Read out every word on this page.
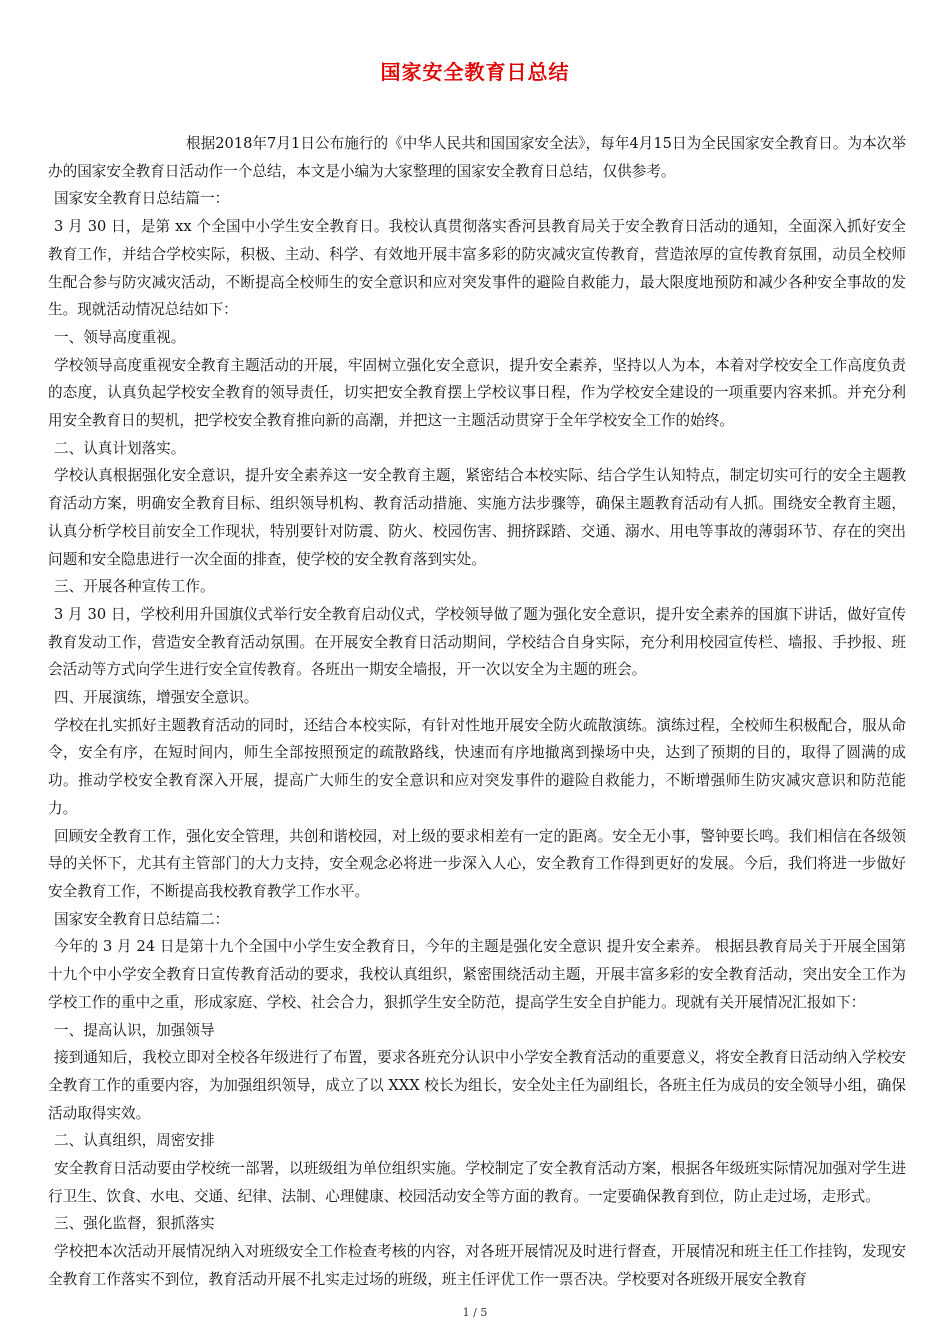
国家安全教育日总结

根据2018年7月1日公布施行的《中华人民共和国国家安全法》，每年4月15日为全民国家安全教育日。为本次举办的国家安全教育日活动作一个总结，本文是小编为大家整理的国家安全教育日总结，仅供参考。

国家安全教育日总结篇一：

3 月 30 日，是第 xx 个全国中小学生安全教育日。我校认真贯彻落实香河县教育局关于安全教育日活动的通知，全面深入抓好安全教育工作，并结合学校实际，积极、主动、科学、有效地开展丰富多彩的防灾减灾宣传教育，营造浓厚的宣传教育氛围，动员全校师生配合参与防灾减灾活动，不断提高全校师生的安全意识和应对突发事件的避险自救能力，最大限度地预防和减少各种安全事故的发生。现就活动情况总结如下：

一、领导高度重视。

学校领导高度重视安全教育主题活动的开展，牢固树立强化安全意识，提升安全素养，坚持以人为本，本着对学校安全工作高度负责的态度，认真负起学校安全教育的领导责任，切实把安全教育摆上学校议事日程，作为学校安全建设的一项重要内容来抓。并充分利用安全教育日的契机，把学校安全教育推向新的高潮，并把这一主题活动贯穿于全年学校安全工作的始终。

二、认真计划落实。

学校认真根据强化安全意识，提升安全素养这一安全教育主题，紧密结合本校实际、结合学生认知特点，制定切实可行的安全主题教育活动方案，明确安全教育目标、组织领导机构、教育活动措施、实施方法步骤等，确保主题教育活动有人抓。围绕安全教育主题，认真分析学校目前安全工作现状，特别要针对防震、防火、校园伤害、拥挤踩踏、交通、溺水、用电等事故的薄弱环节、存在的突出问题和安全隐患进行一次全面的排查，使学校的安全教育落到实处。

三、开展各种宣传工作。

3 月 30 日，学校利用升国旗仪式举行安全教育启动仪式，学校领导做了题为强化安全意识，提升安全素养的国旗下讲话，做好宣传教育发动工作，营造安全教育活动氛围。在开展安全教育日活动期间，学校结合自身实际，充分利用校园宣传栏、墙报、手抄报、班会活动等方式向学生进行安全宣传教育。各班出一期安全墙报，开一次以安全为主题的班会。

四、开展演练，增强安全意识。

学校在扎实抓好主题教育活动的同时，还结合本校实际，有针对性地开展安全防火疏散演练。演练过程，全校师生积极配合，服从命令，安全有序，在短时间内，师生全部按照预定的疏散路线，快速而有序地撤离到操场中央，达到了预期的目的，取得了圆满的成功。推动学校安全教育深入开展，提高广大师生的安全意识和应对突发事件的避险自救能力，不断增强师生防灾减灾意识和防范能力。

回顾安全教育工作，强化安全管理，共创和谐校园，对上级的要求相差有一定的距离。安全无小事，警钟要长鸣。我们相信在各级领导的关怀下，尤其有主管部门的大力支持，安全观念必将进一步深入人心，安全教育工作得到更好的发展。今后，我们将进一步做好安全教育工作，不断提高我校教育教学工作水平。

国家安全教育日总结篇二：

今年的 3 月 24 日是第十九个全国中小学生安全教育日，今年的主题是强化安全意识 提升安全素养。 根据县教育局关于开展全国第十九个中小学安全教育日宣传教育活动的要求，我校认真组织，紧密围绕活动主题，开展丰富多彩的安全教育活动，突出安全工作为学校工作的重中之重，形成家庭、学校、社会合力，狠抓学生安全防范，提高学生安全自护能力。现就有关开展情况汇报如下：

一、提高认识，加强领导

接到通知后，我校立即对全校各年级进行了布置，要求各班充分认识中小学安全教育活动的重要意义，将安全教育日活动纳入学校安全教育工作的重要内容，为加强组织领导，成立了以 XXX 校长为组长，安全处主任为副组长，各班主任为成员的安全领导小组，确保活动取得实效。

二、认真组织，周密安排

安全教育日活动要由学校统一部署，以班级组为单位组织实施。学校制定了安全教育活动方案，根据各年级班实际情况加强对学生进行卫生、饮食、水电、交通、纪律、法制、心理健康、校园活动安全等方面的教育。一定要确保教育到位，防止走过场，走形式。

三、强化监督，狠抓落实

学校把本次活动开展情况纳入对班级安全工作检查考核的内容，对各班开展情况及时进行督查，开展情况和班主任工作挂钩，发现安全教育工作落实不到位，教育活动开展不扎实走过场的班级，班主任评优工作一票否决。学校要对各班级开展安全教育

1 / 5
